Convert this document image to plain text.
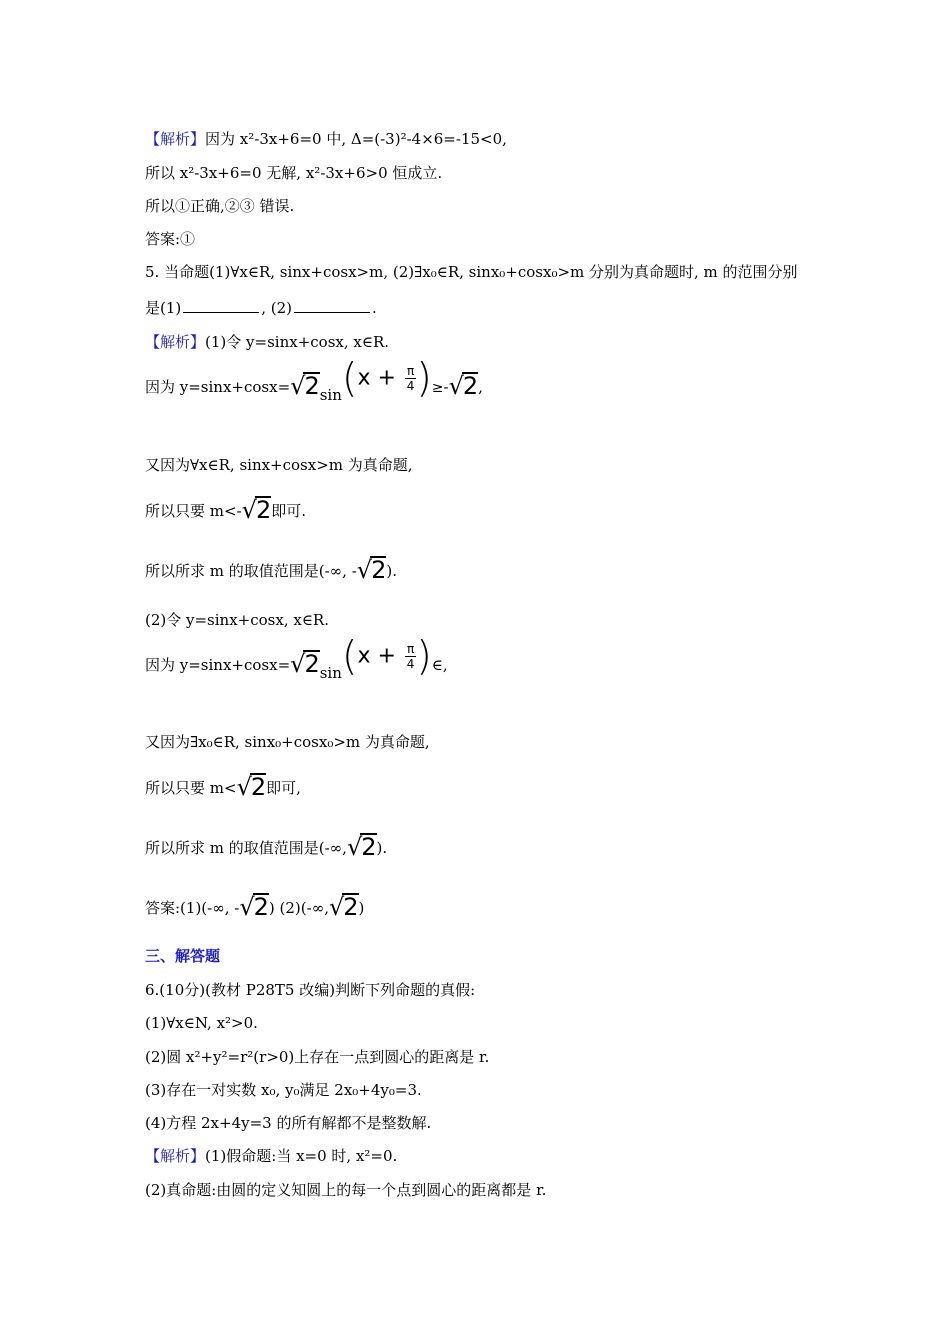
【解析】因为 x²-3x+6=0 中, Δ=(-3)²-4×6=-15<0,
所以 x²-3x+6=0 无解, x²-3x+6>0 恒成立.
所以①正确,②③ 错误.
答案:①
5. 当命题(1)∀x∈R, sinx+cosx>m, (2)∃x₀∈R, sinx₀+cosx₀>m 分别为真命题时, m 的范围分别
是(1)	, (2)	.
【解析】(1)令 y=sinx+cosx, x∈R.
因为 $y=\sin x+\cos x=√2\sin(x + \frac{\pi}{4} )\ge-√2$,
又因为∀x∈R, sinx+cosx>m 为真命题,
所以只要 m<-√2即可.
所以所求 m 的取值范围是(-∞, -√2).
(2)令 y=sinx+cosx, x∈R.
因为 $y=\sin x+\cos x=√2\sin(x + \frac{\pi}{4}$ )∈,
又因为∃x₀∈R, sinx₀+cosx₀>m 为真命题,
所以只要 m<√2即可,
所以所求 m 的取值范围是(-∞,√2).
答案:(1)(-∞, -√2) (2)(-∞,√2)
三、解答题
6.(10分)(教材 P28T5 改编)判断下列命题的真假:
(1)∀x∈N, x²>0.
(2)圆 x²+y²=r²(r>0)上存在一点到圆心的距离是 r.
(3)存在一对实数 x₀, y₀满足 2x₀+4y₀=3.
(4)方程 2x+4y=3 的所有解都不是整数解.
【解析】(1)假命题:当 x=0 时, x²=0.
(2)真命题:由圆的定义知圆上的每一个点到圆心的距离都是 r.
